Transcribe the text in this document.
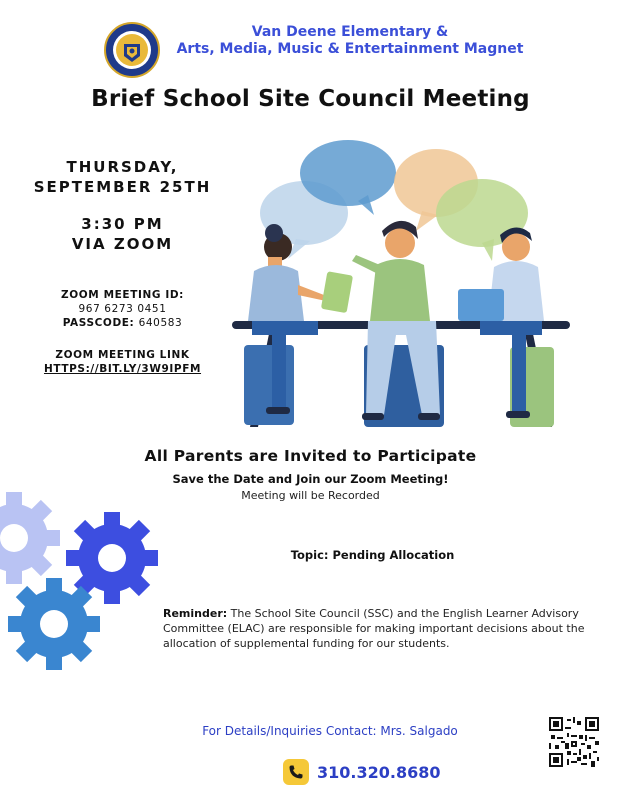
Van Deene Elementary &
Arts, Media, Music & Entertainment Magnet
Brief School Site Council Meeting
THURSDAY,
SEPTEMBER 25TH
3:30 PM
VIA ZOOM
ZOOM MEETING ID:
967 6273 0451
PASSCODE: 640583
ZOOM MEETING LINK
HTTPS://BIT.LY/3W9IPFM
All Parents are Invited to Participate
Save the Date and Join our Zoom Meeting!
Meeting will be Recorded
Topic: Pending Allocation
Reminder: The School Site Council (SSC) and the English Learner Advisory Committee (ELAC) are responsible for making important decisions about the allocation of supplemental funding for our students.
For Details/Inquiries Contact: Mrs. Salgado
310.320.8680
